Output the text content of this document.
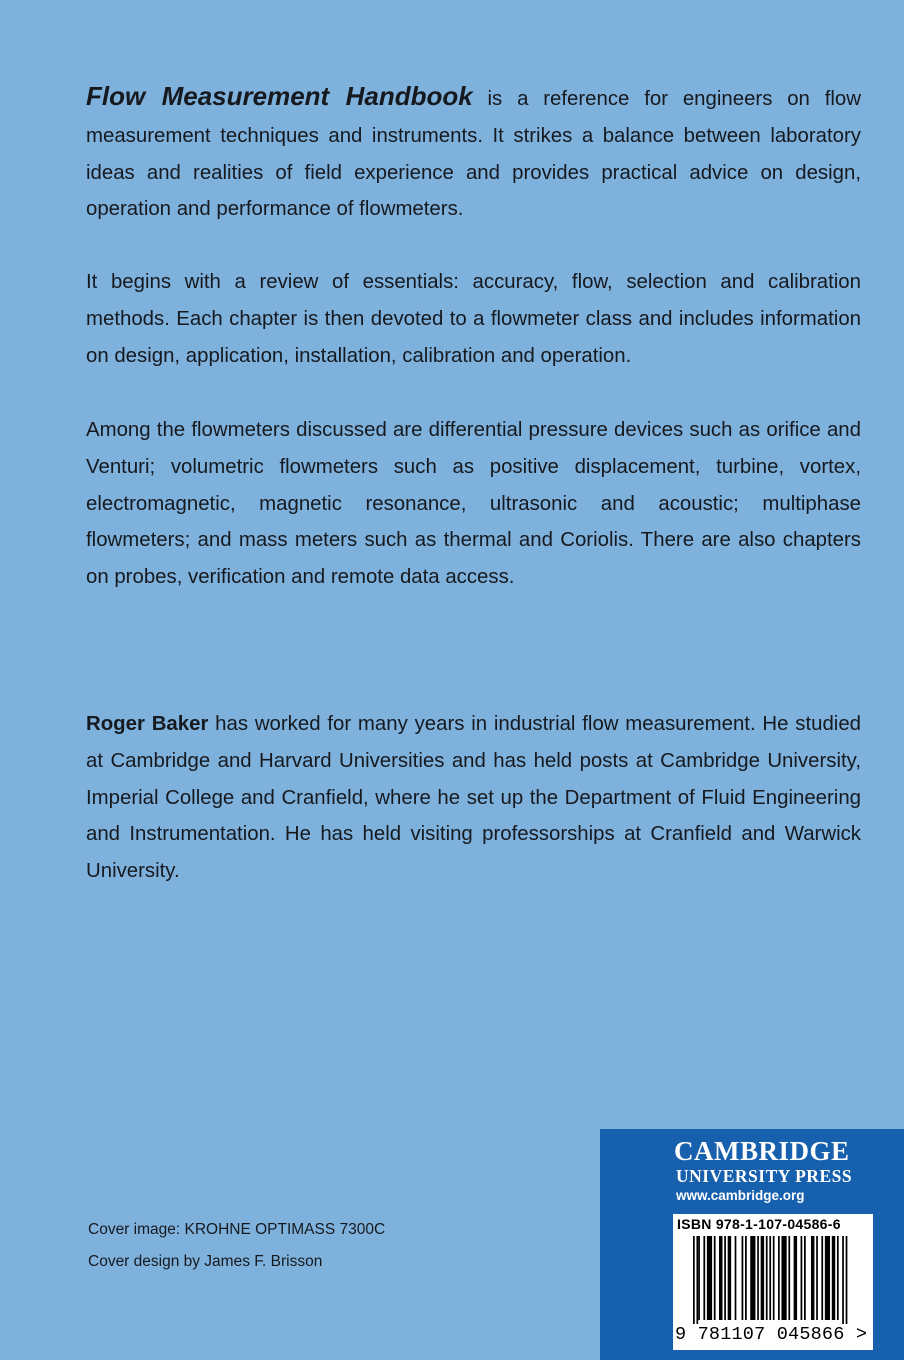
Flow Measurement Handbook is a reference for engineers on flow measurement techniques and instruments. It strikes a balance between laboratory ideas and realities of field experience and provides practical advice on design, operation and performance of flowmeters.

It begins with a review of essentials: accuracy, flow, selection and calibration methods. Each chapter is then devoted to a flowmeter class and includes information on design, application, installation, calibration and operation.

Among the flowmeters discussed are differential pressure devices such as orifice and Venturi; volumetric flowmeters such as positive displacement, turbine, vortex, electromagnetic, magnetic resonance, ultrasonic and acoustic; multiphase flowmeters; and mass meters such as thermal and Coriolis. There are also chapters on probes, verification and remote data access.

Roger Baker has worked for many years in industrial flow measurement. He studied at Cambridge and Harvard Universities and has held posts at Cambridge University, Imperial College and Cranfield, where he set up the Department of Fluid Engineering and Instrumentation. He has held visiting professorships at Cranfield and Warwick University.

Cover image: KROHNE OPTIMASS 7300C

Cover design by James F. Brisson

CAMBRIDGE
UNIVERSITY PRESS
www.cambridge.org
ISBN 978-1-107-04586-6
9 781107 045866 >
